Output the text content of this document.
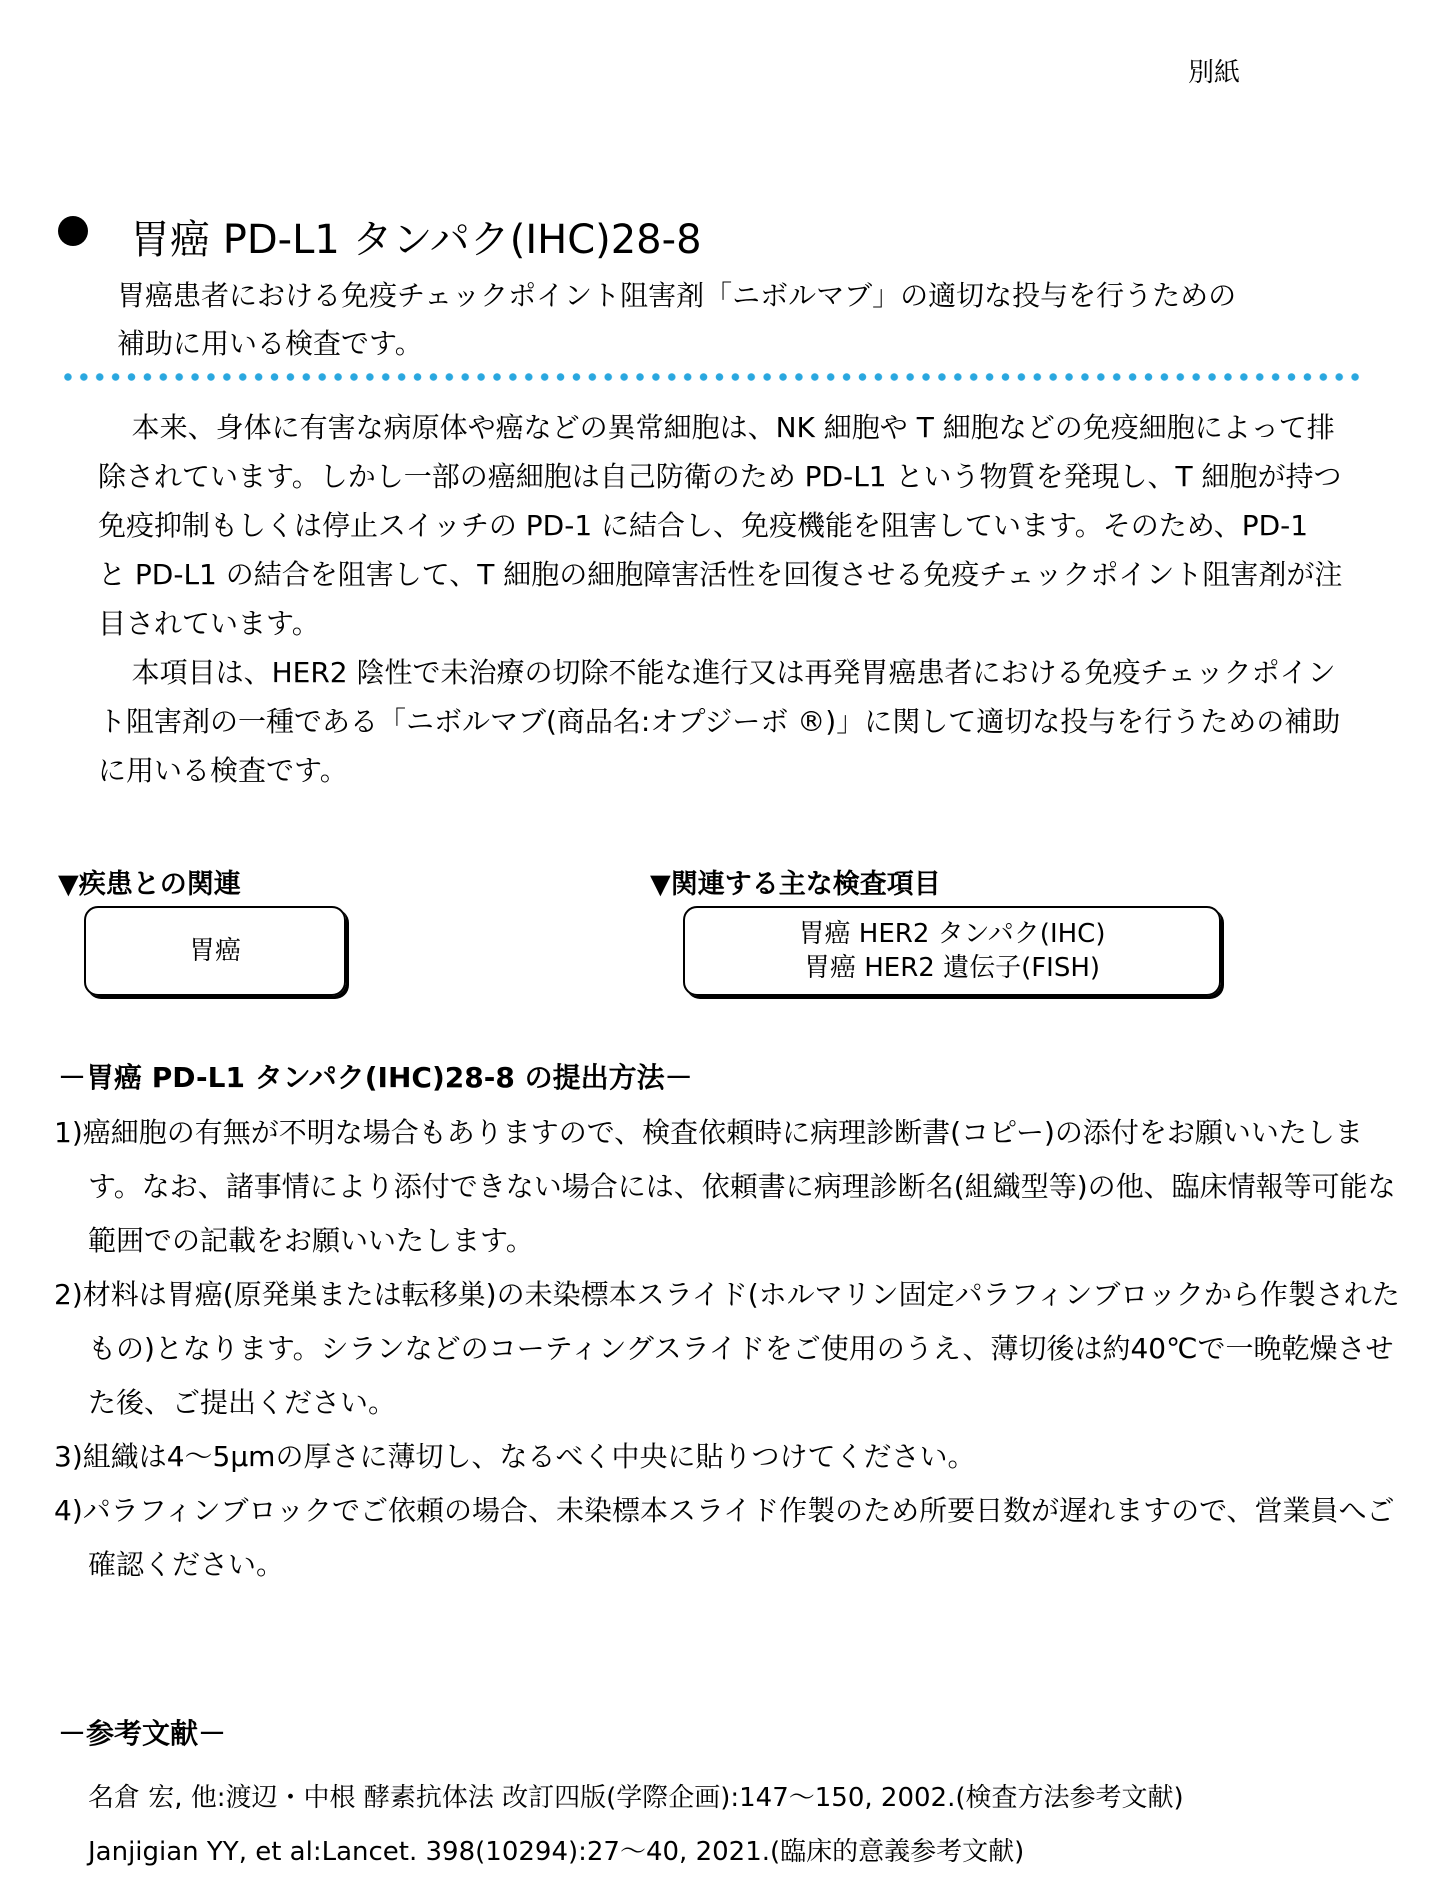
別紙
胃癌 PD-L1 タンパク(IHC)28-8
胃癌患者における免疫チェックポイント阻害剤「ニボルマブ」の適切な投与を行うための
補助に用いる検査です。

本来、身体に有害な病原体や癌などの異常細胞は、NK 細胞や T 細胞などの免疫細胞によって排除されています。しかし一部の癌細胞は自己防衛のため PD-L1 という物質を発現し、T 細胞が持つ免疫抑制もしくは停止スイッチの PD-1 に結合し、免疫機能を阻害しています。そのため、PD-1 と PD-L1 の結合を阻害して、T 細胞の細胞障害活性を回復させる免疫チェックポイント阻害剤が注目されています。

本項目は、HER2 陰性で未治療の切除不能な進行又は再発胃癌患者における免疫チェックポイント阻害剤の一種である「ニボルマブ(商品名:オプジーボ ®)」に関して適切な投与を行うための補助に用いる検査です。

▼疾患との関連
胃癌
▼関連する主な検査項目
胃癌 HER2 タンパク(IHC)
胃癌 HER2 遺伝子(FISH)
－胃癌 PD-L1 タンパク(IHC)28-8 の提出方法－
1)癌細胞の有無が不明な場合もありますので、検査依頼時に病理診断書(コピー)の添付をお願いいたします。なお、諸事情により添付できない場合には、依頼書に病理診断名(組織型等)の他、臨床情報等可能な範囲での記載をお願いいたします。
2)材料は胃癌(原発巣または転移巣)の未染標本スライド(ホルマリン固定パラフィンブロックから作製されたもの)となります。シランなどのコーティングスライドをご使用のうえ、薄切後は約40℃で一晩乾燥させた後、ご提出ください。
3)組織は4～5μmの厚さに薄切し、なるべく中央に貼りつけてください。
4)パラフィンブロックでご依頼の場合、未染標本スライド作製のため所要日数が遅れますので、営業員へご確認ください。
－参考文献－
名倉 宏, 他:渡辺・中根 酵素抗体法 改訂四版(学際企画):147～150, 2002.(検査方法参考文献)
Janjigian YY, et al:Lancet. 398(10294):27～40, 2021.(臨床的意義参考文献)
